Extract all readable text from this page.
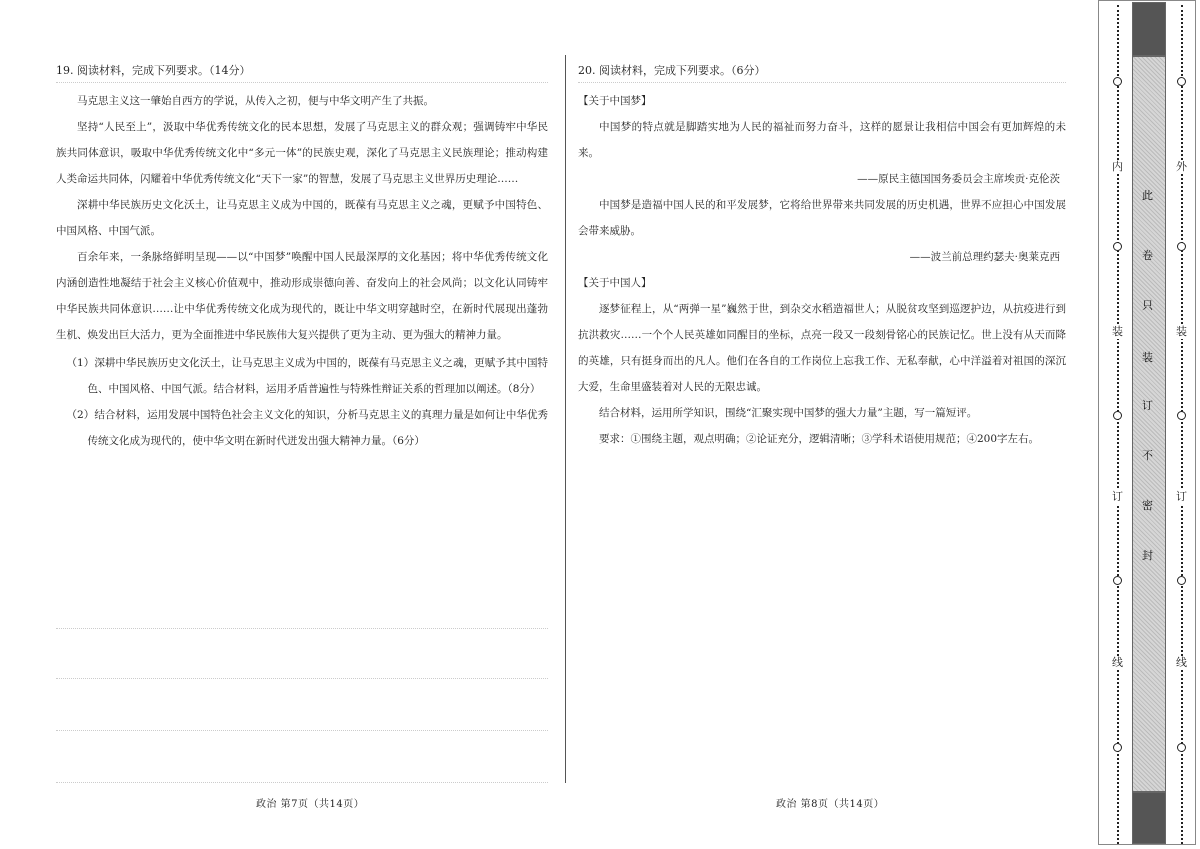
19. 阅读材料，完成下列要求。（14分）

马克思主义这一肇始自西方的学说，从传入之初，便与中华文明产生了共振。

坚持“人民至上”，汲取中华优秀传统文化的民本思想，发展了马克思主义的群众观；强调铸牢中华民族共同体意识，吸取中华优秀传统文化中“多元一体”的民族史观，深化了马克思主义民族理论；推动构建人类命运共同体，闪耀着中华优秀传统文化“天下一家”的智慧，发展了马克思主义世界历史理论……

深耕中华民族历史文化沃土，让马克思主义成为中国的，既葆有马克思主义之魂，更赋予中国特色、中国风格、中国气派。

百余年来，一条脉络鲜明呈现——以“中国梦”唤醒中国人民最深厚的文化基因；将中华优秀传统文化内涵创造性地凝结于社会主义核心价值观中，推动形成崇德向善、奋发向上的社会风尚；以文化认同铸牢中华民族共同体意识……让中华优秀传统文化成为现代的，既让中华文明穿越时空，在新时代展现出蓬勃生机、焕发出巨大活力，更为全面推进中华民族伟大复兴提供了更为主动、更为强大的精神力量。

（1）深耕中华民族历史文化沃土，让马克思主义成为中国的，既葆有马克思主义之魂，更赋予其中国特色、中国风格、中国气派。结合材料，运用矛盾普遍性与特殊性辩证关系的哲理加以阐述。（8分）

（2）结合材料，运用发展中国特色社会主义文化的知识，分析马克思主义的真理力量是如何让中华优秀传统文化成为现代的，使中华文明在新时代迸发出强大精神力量。（6分）

政治 第7页（共14页）
20. 阅读材料，完成下列要求。（6分）

【关于中国梦】

中国梦的特点就是脚踏实地为人民的福祉而努力奋斗，这样的愿景让我相信中国会有更加辉煌的未来。

——原民主德国国务委员会主席埃贡·克伦茨

中国梦是造福中国人民的和平发展梦，它将给世界带来共同发展的历史机遇，世界不应担心中国发展会带来威胁。

——波兰前总理约瑟夫·奥莱克西

【关于中国人】

逐梦征程上，从“两弹一星”巍然于世，到杂交水稻造福世人；从脱贫攻坚到巡逻护边，从抗疫进行到抗洪救灾……一个个人民英雄如同醒目的坐标，点亮一段又一段刻骨铭心的民族记忆。世上没有从天而降的英雄，只有挺身而出的凡人。他们在各自的工作岗位上忘我工作、无私奉献，心中洋溢着对祖国的深沉大爱，生命里盛装着对人民的无限忠诚。

结合材料，运用所学知识，围绕“汇聚实现中国梦的强大力量”主题，写一篇短评。

要求：①围绕主题，观点明确；②论证充分，逻辑清晰；③学科术语使用规范；④200字左右。

政治 第8页（共14页）
内
装
订
线
此
卷
只
装
订
不
密
封
外
装
订
线
